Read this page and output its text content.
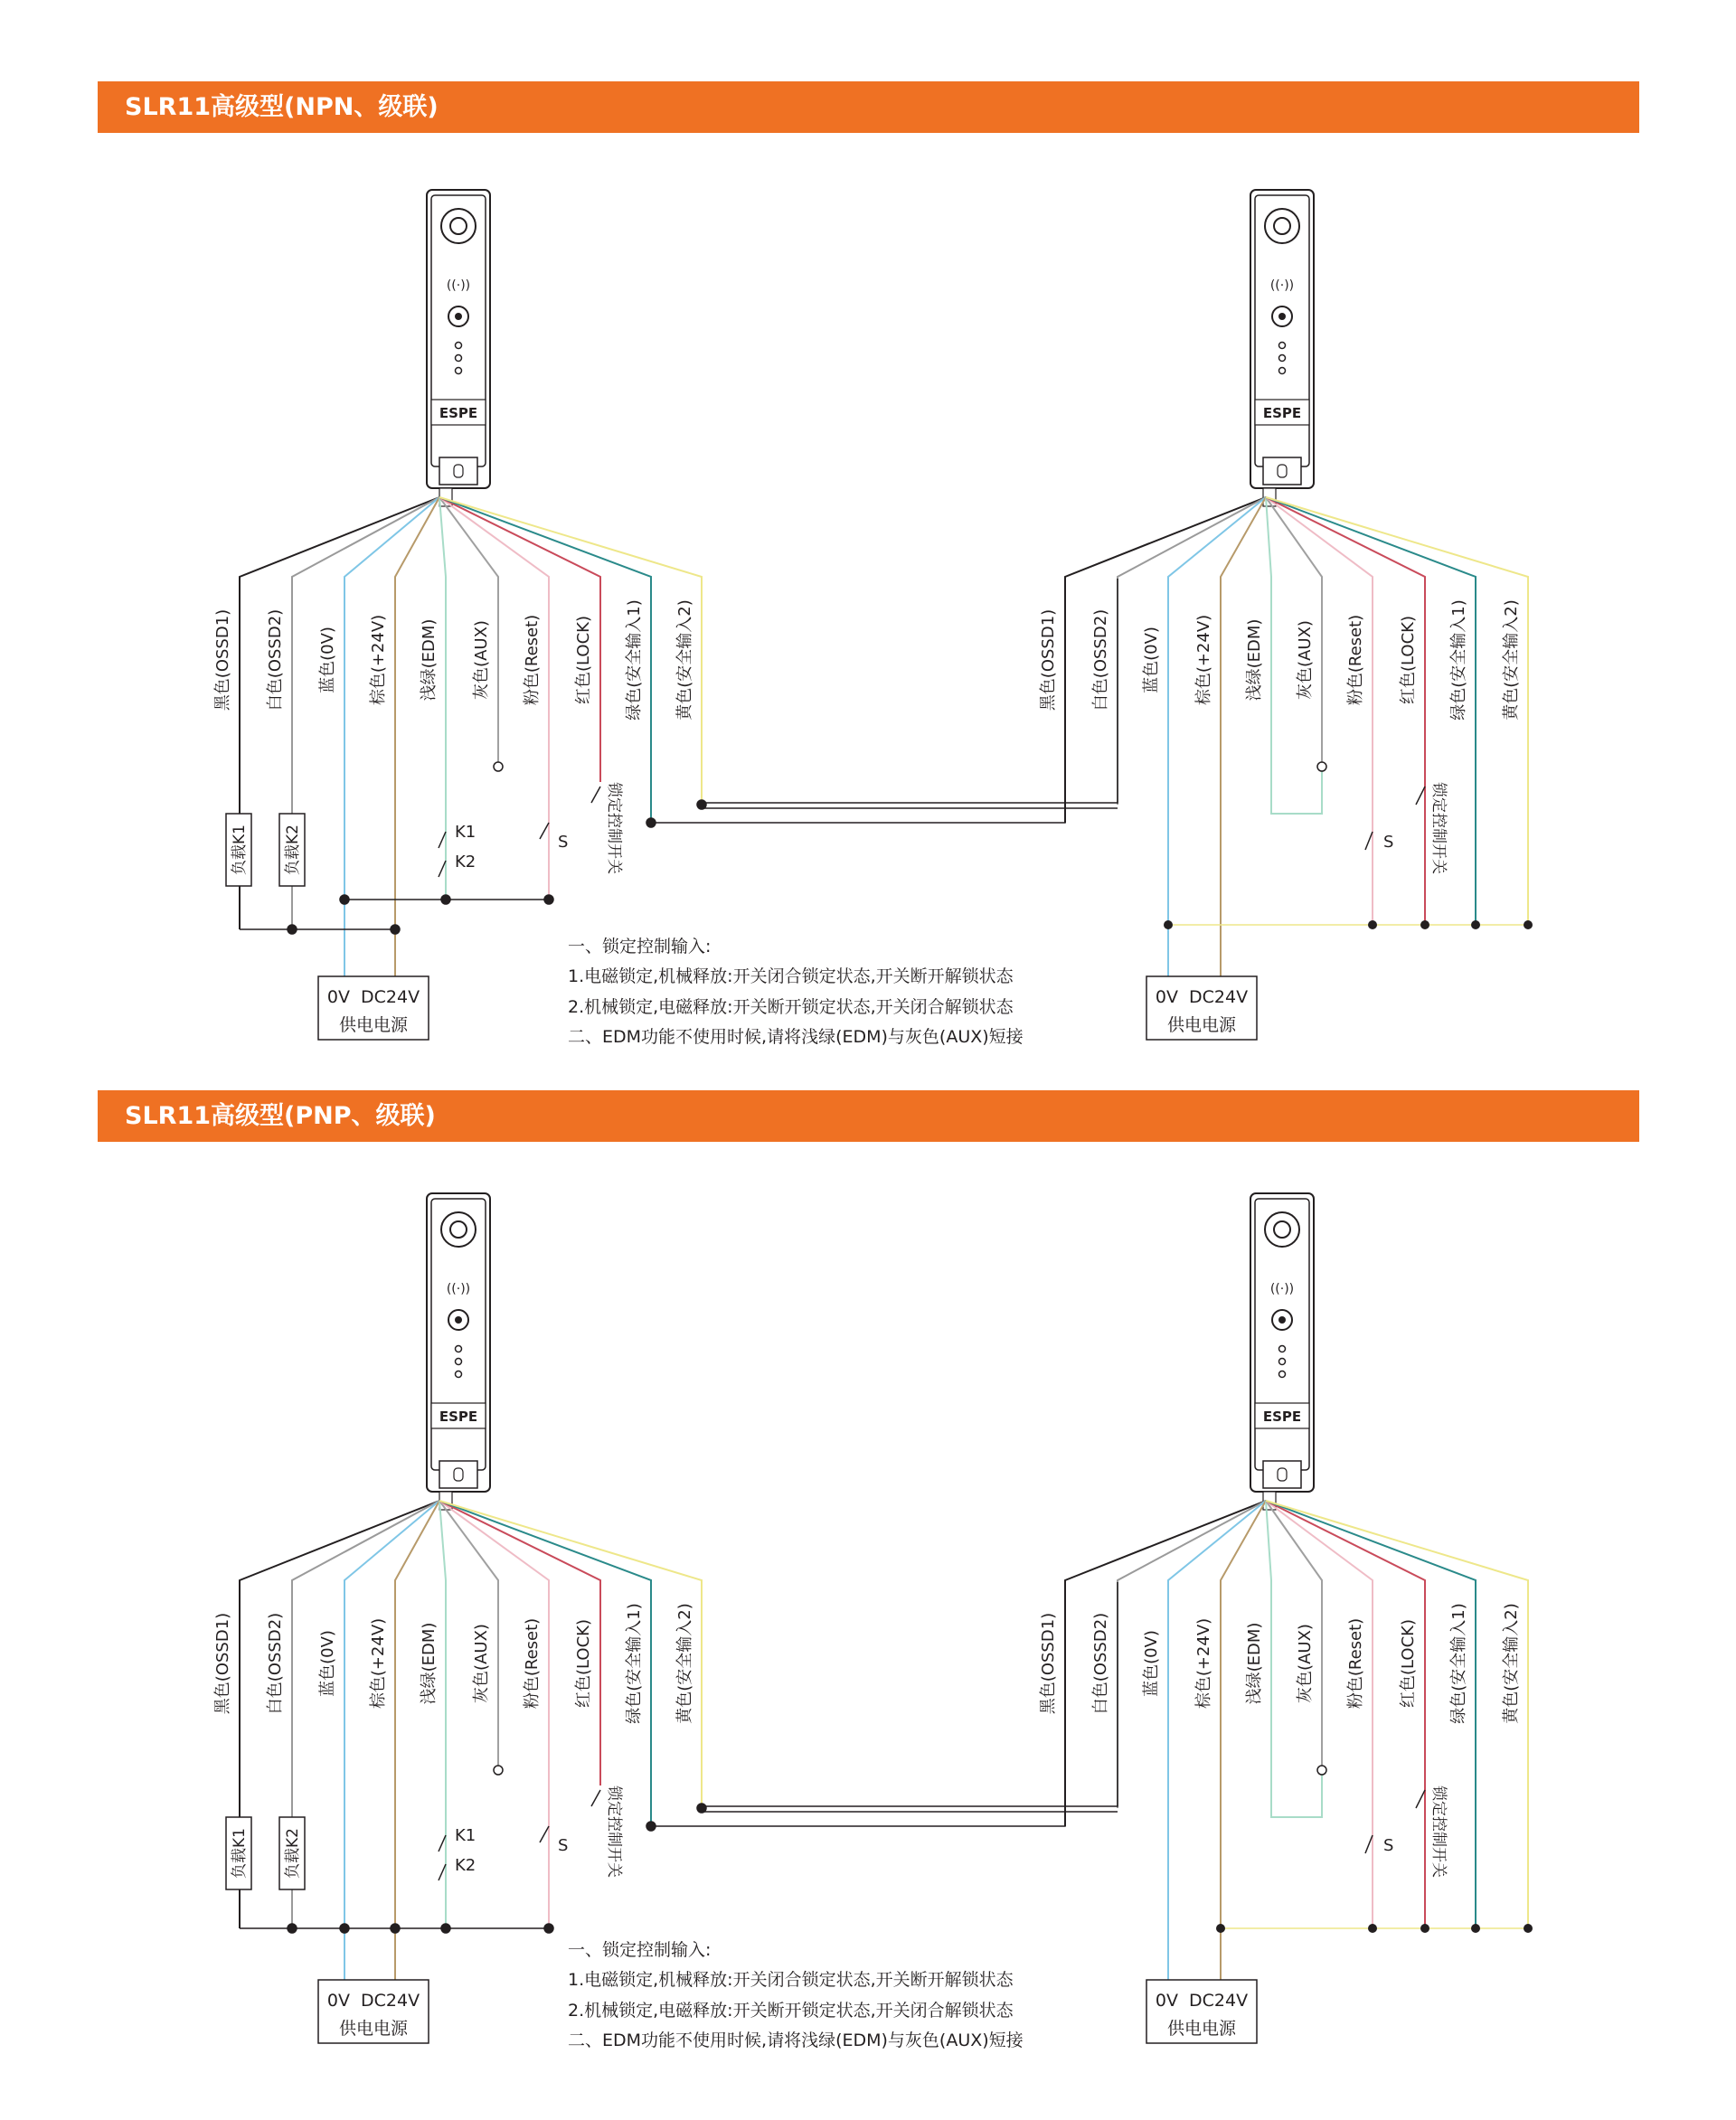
SLR11高级型(NPN、级联)
((·))
ESPE
((·))
ESPE
负载K1 负载K2	K1
K2
S	S
锁定控制开关	锁定控制开关
黑色(OSSD1) 白色(OSSD2) 蓝色(0V) 棕色(+24V) 浅绿(EDM) 灰色(AUX) 粉色(Reset) 红色(LOCK) 绿色(安全输入1) 黄色(安全输入2)	黑色(OSSD1) 白色(OSSD2) 蓝色(0V) 棕色(+24V) 浅绿(EDM) 灰色(AUX) 粉色(Reset) 红色(LOCK) 绿色(安全输入1) 黄色(安全输入2)
0V  DC24V
供电电源
0V  DC24V
供电电源
一、锁定控制输入:
1.电磁锁定,机械释放:开关闭合锁定状态,开关断开解锁状态
2.机械锁定,电磁释放:开关断开锁定状态,开关闭合解锁状态
二、EDM功能不使用时候,请将浅绿(EDM)与灰色(AUX)短接
SLR11高级型(PNP、级联)
((·))
ESPE
((·))
ESPE
负载K1 负载K2	K1
K2
S	S
锁定控制开关	锁定控制开关
黑色(OSSD1) 白色(OSSD2) 蓝色(0V) 棕色(+24V) 浅绿(EDM) 灰色(AUX) 粉色(Reset) 红色(LOCK) 绿色(安全输入1) 黄色(安全输入2)	黑色(OSSD1) 白色(OSSD2) 蓝色(0V) 棕色(+24V) 浅绿(EDM) 灰色(AUX) 粉色(Reset) 红色(LOCK) 绿色(安全输入1) 黄色(安全输入2)
0V  DC24V
供电电源
0V  DC24V
供电电源
一、锁定控制输入:
1.电磁锁定,机械释放:开关闭合锁定状态,开关断开解锁状态
2.机械锁定,电磁释放:开关断开锁定状态,开关闭合解锁状态
二、EDM功能不使用时候,请将浅绿(EDM)与灰色(AUX)短接
